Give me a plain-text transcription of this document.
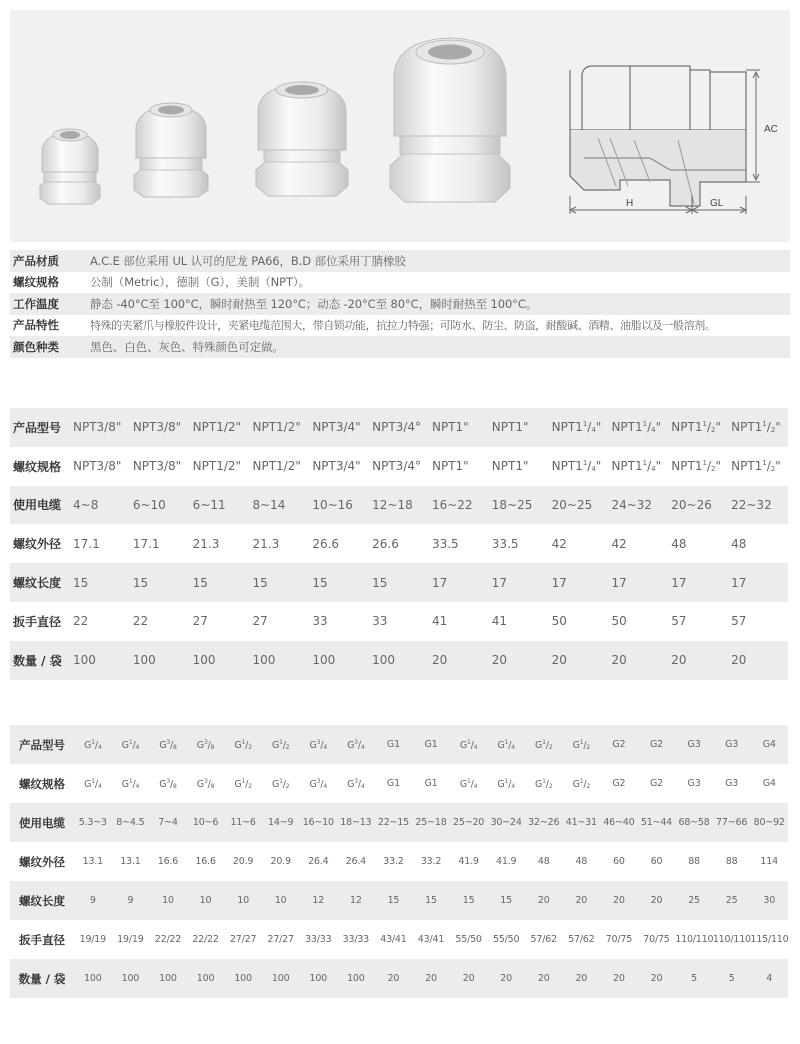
AC
H	GL
产品材质	A.C.E 部位采用 UL 认可的尼龙 PA66，B.D 部位采用丁腈橡胶
螺纹规格	公制（Metric），德制（G），美制（NPT）。
工作温度	静态 -40°C至 100°C，瞬时耐热至 120°C；动态 -20°C至 80°C，瞬时耐热至 100°C。
产品特性	特殊的夹紧爪与橡胶件设计，夹紧电缆范围大，带自锁功能，抗拉力特强；可防水、防尘、防盗，耐酸碱、酒精、油脂以及一般溶剂。
颜色种类	黑色、白色、灰色、特殊颜色可定做。
产品型号	NPT3/8"	NPT3/8"	NPT1/2"	NPT1/2"	NPT3/4"	NPT3/4°	NPT1"	NPT1"	$NPT1^1/_4$"	$NPT1^1/_4$"	$NPT1^1/_2$"	$NPT1^1/_2$"
螺纹规格	NPT3/8"	NPT3/8"	NPT1/2"	NPT1/2"	NPT3/4"	NPT3/4°	NPT1"	NPT1"	$NPT1^1/_4$"	$NPT1^1/_4$"	$NPT1^1/_2$"	$NPT1^1/_2$"
使用电缆	4~8	6~10	6~11	8~14	10~16	12~18	16~22	18~25	20~25	24~32	20~26	22~32
螺纹外径	17.1	17.1	21.3	21.3	26.6	26.6	33.5	33.5	42	42	48	48
螺纹长度	15	15	15	15	15	15	17	17	17	17	17	17
扳手直径	22	22	27	27	33	33	41	41	50	50	57	57
数量 / 袋	100	100	100	100	100	100	20	20	20	20	20	20
产品型号	$G^1/_4$	$G^1/_4$	$G^3/_8$	$G^3/_8$	$G^1/_2$	$G^1/_2$	$G^3/_4$	$G^3/_4$	G1	G1	$G^1/_4$	$G^1/_4$	$G^1/_2$	$G^1/_2$	G2	G2	G3	G3	G4
螺纹规格	$G^1/_4$	$G^1/_4$	$G^3/_8$	$G^3/_8$	$G^1/_2$	$G^1/_2$	$G^3/_4$	$G^3/_4$	G1	G1	$G^1/_4$	$G^1/_4$	$G^1/_2$	$G^1/_2$	G2	G2	G3	G3	G4
使用电缆	5.3~3	8~4.5	7~4	10~6	11~6	14~9	16~10	18~13	22~15	25~18	25~20	30~24	32~26	41~31	46~40	51~44	68~58	77~66	80~92
螺纹外径	13.1	13.1	16.6	16.6	20.9	20.9	26.4	26.4	33.2	33.2	41.9	41.9	48	48	60	60	88	88	114
螺纹长度	9	9	10	10	10	10	12	12	15	15	15	15	20	20	20	20	25	25	30
扳手直径	19/19	19/19	22/22	22/22	27/27	27/27	33/33	33/33	43/41	43/41	55/50	55/50	57/62	57/62	70/75	70/75	110/110	110/110	115/110
数量 / 袋	100	100	100	100	100	100	100	100	20	20	20	20	20	20	20	20	5	5	4
